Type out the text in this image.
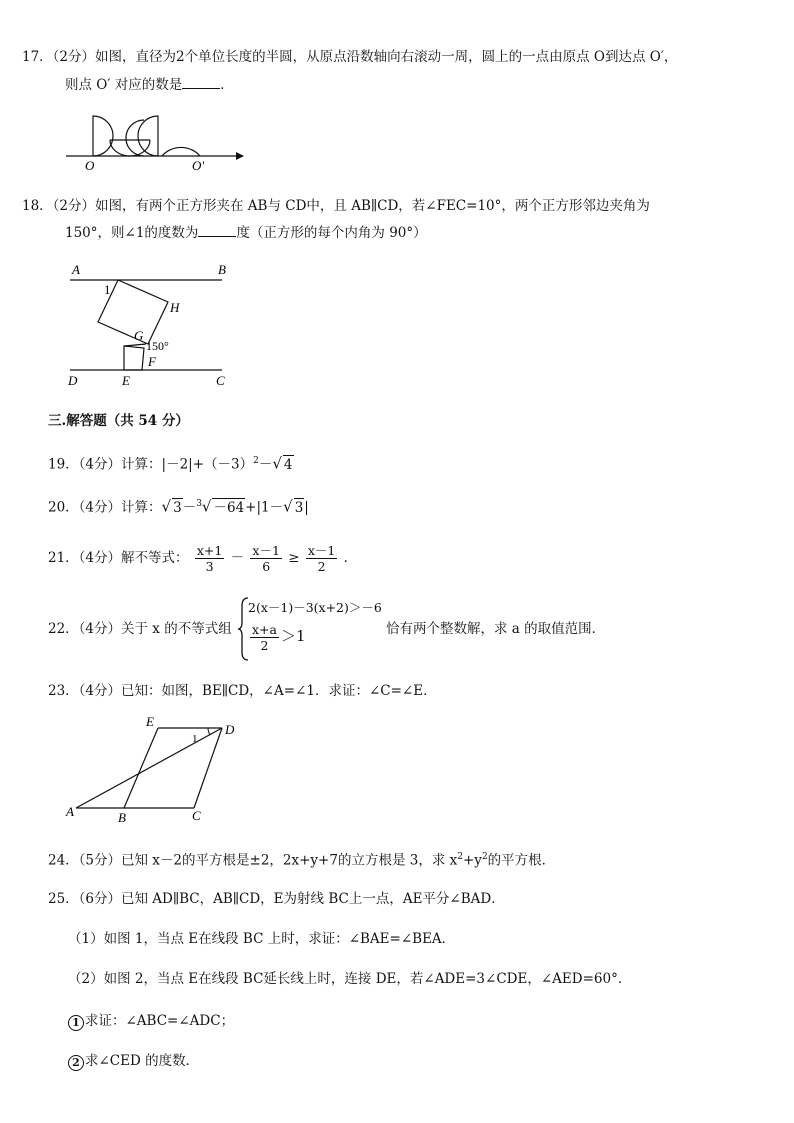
17．（2分）如图，直径为2个单位长度的半圆，从原点沿数轴向右滚动一周，圆上的一点由原点 O到达点 O′，
则点 O′ 对应的数是	．
O	O′
18．（2分）如图，有两个正方形夹在 AB与 CD中，且 AB∥CD，若∠FEC=10°，两个正方形邻边夹角为
150°，则∠1的度数为	度（正方形的每个内角为 90°）
A	B
D	C
E
F
G
H
1
150°
三.解答题（共 54 分）
19．（4分）计算：$|-2|+(-3)^2-√$ 4
20．（4分）计算：√ 3－$^3$√ －64+|1－√ 3|
21．（4分）解不等式： $\frac{x+1}{3} - \frac{x-1}{6} \ge \frac{x-1}{2}$ ．
22．（4分）关于 x 的不等式组
2(x－1)－3(x+2)＞－6
$\frac{x+a}{2} >1$	恰有两个整数解，求 a 的取值范围．
23．（4分）已知：如图，BE∥CD，∠A=∠1．求证：∠C=∠E．
E
D
A	B	C
1
24．（5分）已知 x－2的平方根是±2，2x+y+7的立方根是 3，求 $x^2+y^2$的平方根．
25．（6分）已知 AD∥BC，AB∥CD，E为射线 BC上一点，AE平分∠BAD．
（1）如图 1，当点 E在线段 BC 上时，求证：∠BAE=∠BEA．
（2）如图 2，当点 E在线段 BC延长线上时，连接 DE，若∠ADE=3∠CDE，∠AED=60°．
1 求证：∠ABC=∠ADC；
2 求∠CED 的度数．
